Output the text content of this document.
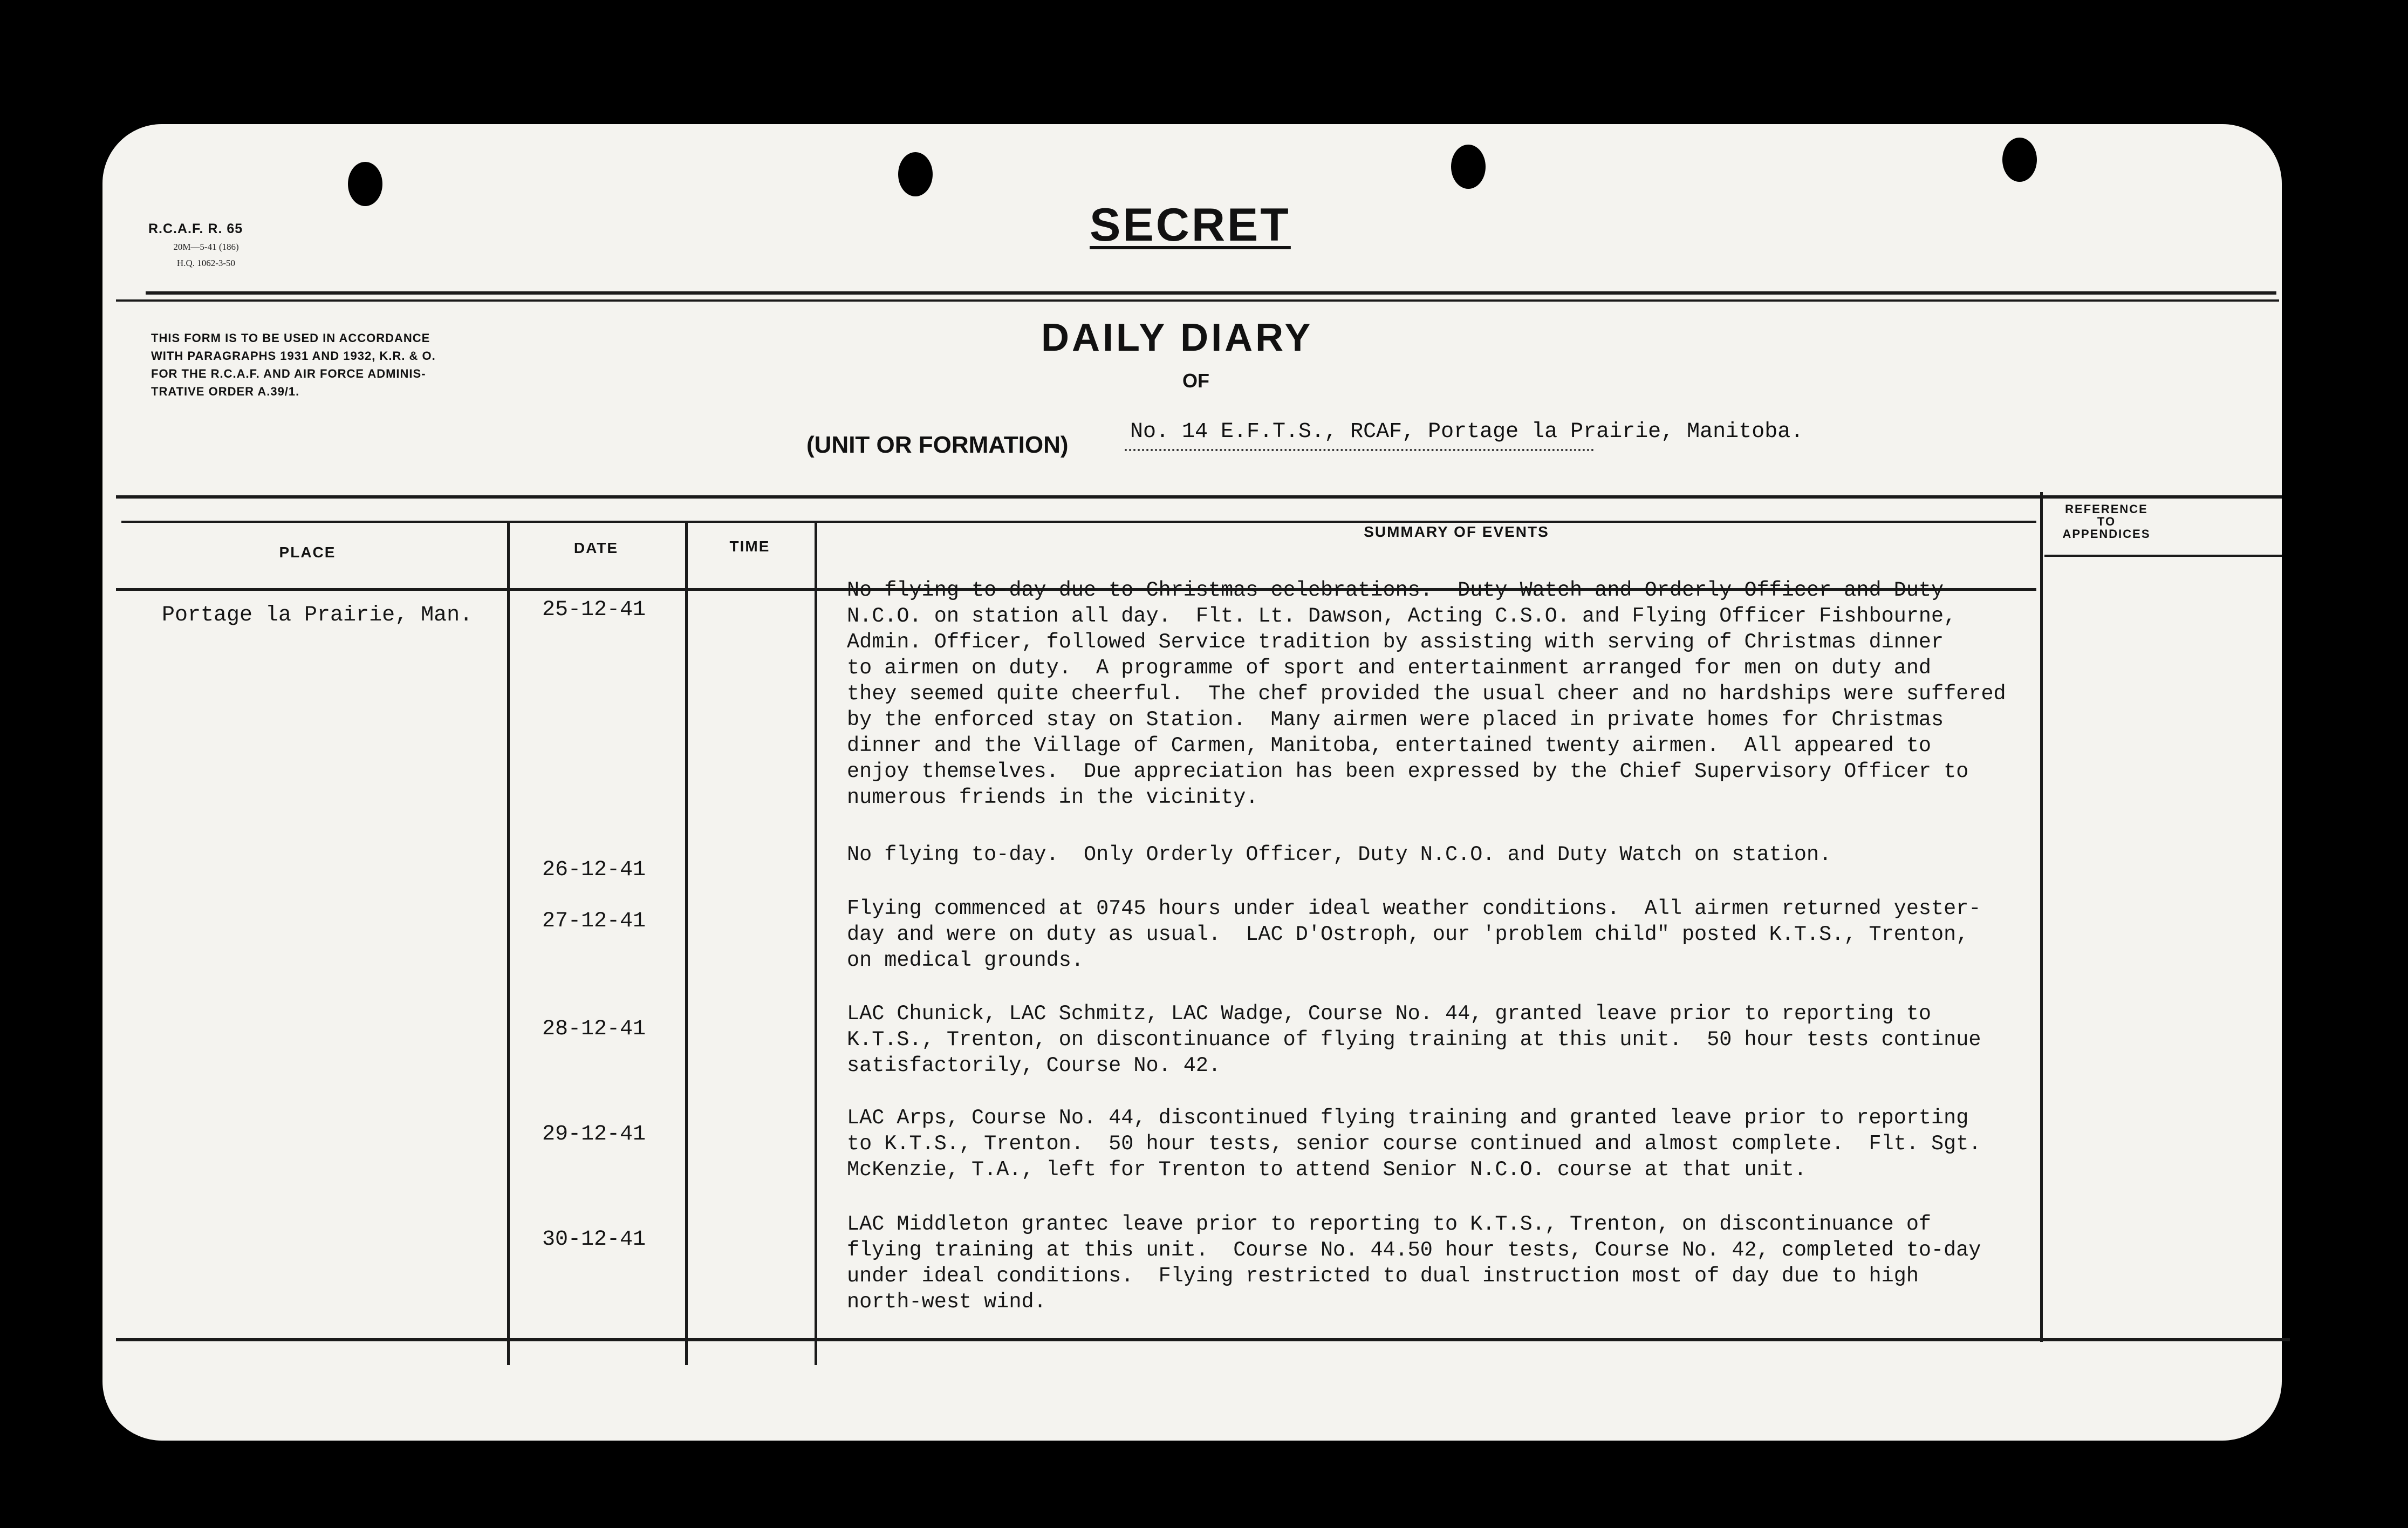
R.C.A.F. R. 65
20M—5-41 (186)
H.Q. 1062-3-50
SECRET
THIS FORM IS TO BE USED IN ACCORDANCE
WITH PARAGRAPHS 1931 AND 1932, K.R. & O.
FOR THE R.C.A.F. AND AIR FORCE ADMINIS-
TRATIVE ORDER A.39/1.
DAILY DIARY
OF
(UNIT OR FORMATION)	No. 14 E.F.T.S., RCAF, Portage la Prairie, Manitoba.
PLACE	DATE	TIME
SUMMARY OF EVENTS
REFERENCE
TO
APPENDICES
Portage la Prairie, Man.	25-12-41
No flying to-day due to Christmas celebrations.  Duty Watch and Orderly Officer and Duty
N.C.O. on station all day.  Flt. Lt. Dawson, Acting C.S.O. and Flying Officer Fishbourne,
Admin. Officer, followed Service tradition by assisting with serving of Christmas dinner
to airmen on duty.  A programme of sport and entertainment arranged for men on duty and
they seemed quite cheerful.  The chef provided the usual cheer and no hardships were suffered
by the enforced stay on Station.  Many airmen were placed in private homes for Christmas
dinner and the Village of Carmen, Manitoba, entertained twenty airmen.  All appeared to
enjoy themselves.  Due appreciation has been expressed by the Chief Supervisory Officer to
numerous friends in the vicinity.
26-12-41
No flying to-day.  Only Orderly Officer, Duty N.C.O. and Duty Watch on station.
27-12-41
Flying commenced at 0745 hours under ideal weather conditions.  All airmen returned yester-
day and were on duty as usual.  LAC D'Ostroph, our 'problem child" posted K.T.S., Trenton,
on medical grounds.
28-12-41
LAC Chunick, LAC Schmitz, LAC Wadge, Course No. 44, granted leave prior to reporting to
K.T.S., Trenton, on discontinuance of flying training at this unit.  50 hour tests continue
satisfactorily, Course No. 42.
29-12-41
LAC Arps, Course No. 44, discontinued flying training and granted leave prior to reporting
to K.T.S., Trenton.  50 hour tests, senior course continued and almost complete.  Flt. Sgt.
McKenzie, T.A., left for Trenton to attend Senior N.C.O. course at that unit.
30-12-41
LAC Middleton grantec leave prior to reporting to K.T.S., Trenton, on discontinuance of
flying training at this unit.  Course No. 44.50 hour tests, Course No. 42, completed to-day
under ideal conditions.  Flying restricted to dual instruction most of day due to high
north-west wind.
